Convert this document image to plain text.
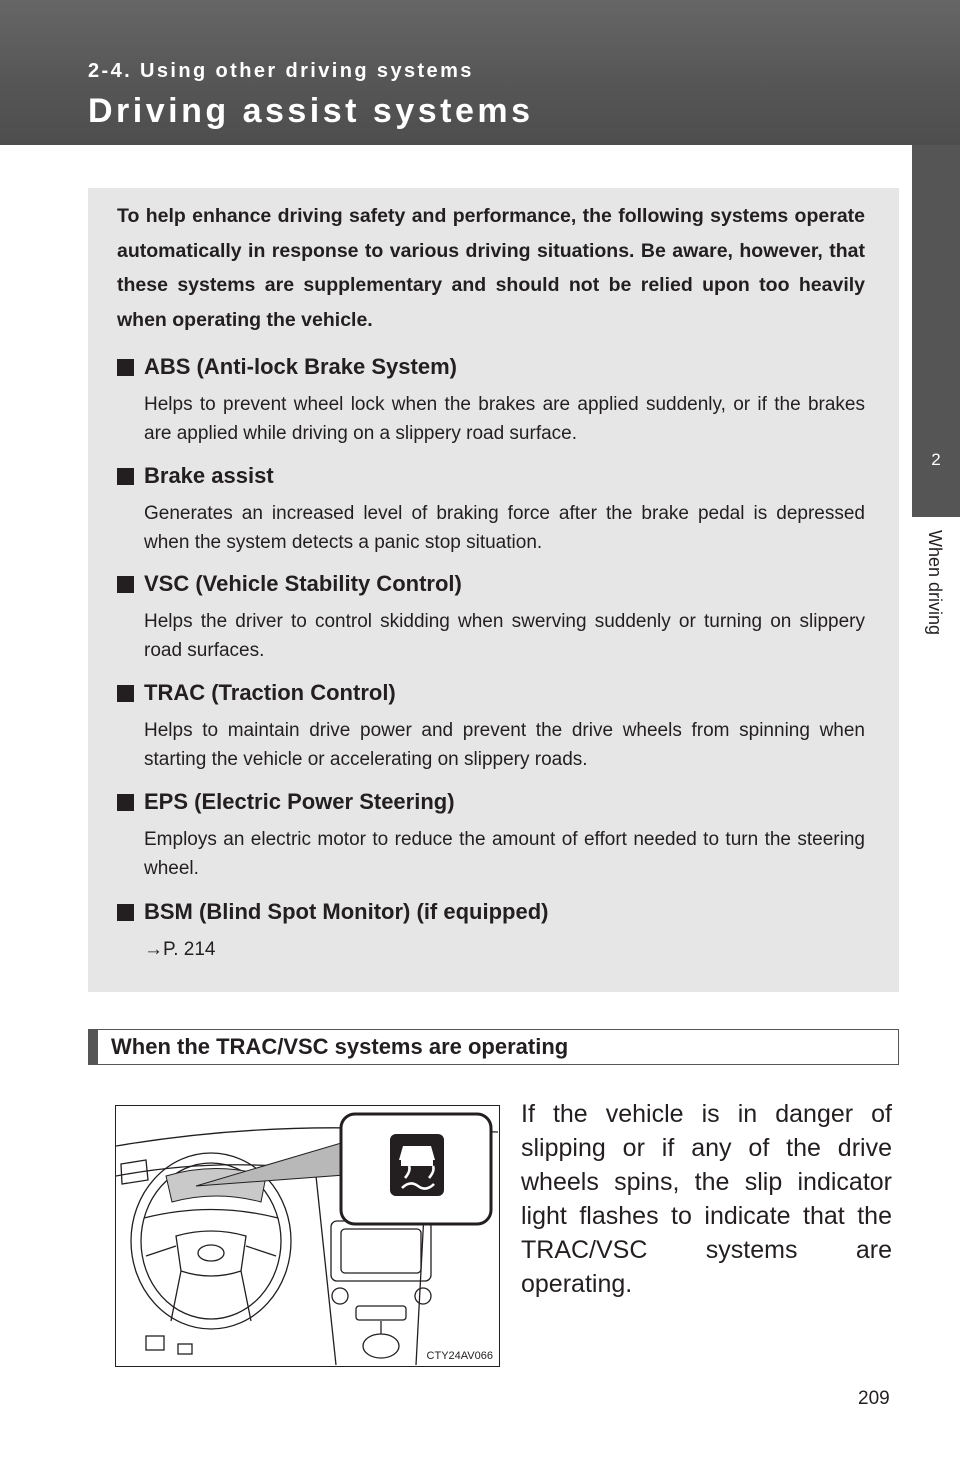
2-4. Using other driving systems
Driving assist systems
2
When driving

To help enhance driving safety and performance, the following systems operate automatically in response to various driving situations. Be aware, however, that these systems are supplementary and should not be relied upon too heavily when operating the vehicle.

ABS (Anti-lock Brake System)

Helps to prevent wheel lock when the brakes are applied suddenly, or if the brakes are applied while driving on a slippery road surface.

Brake assist

Generates an increased level of braking force after the brake pedal is depressed when the system detects a panic stop situation.

VSC (Vehicle Stability Control)

Helps the driver to control skidding when swerving suddenly or turning on slippery road surfaces.

TRAC (Traction Control)

Helps to maintain drive power and prevent the drive wheels from spinning when starting the vehicle or accelerating on slippery roads.

EPS (Electric Power Steering)

Employs an electric motor to reduce the amount of effort needed to turn the steering wheel.

BSM (Blind Spot Monitor) (if equipped)

→P. 214

When the TRAC/VSC systems are operating
CTY24AV066

If the vehicle is in danger of slipping or if any of the drive wheels spins, the slip indicator light flashes to indicate that the TRAC/VSC systems are operating.

209
